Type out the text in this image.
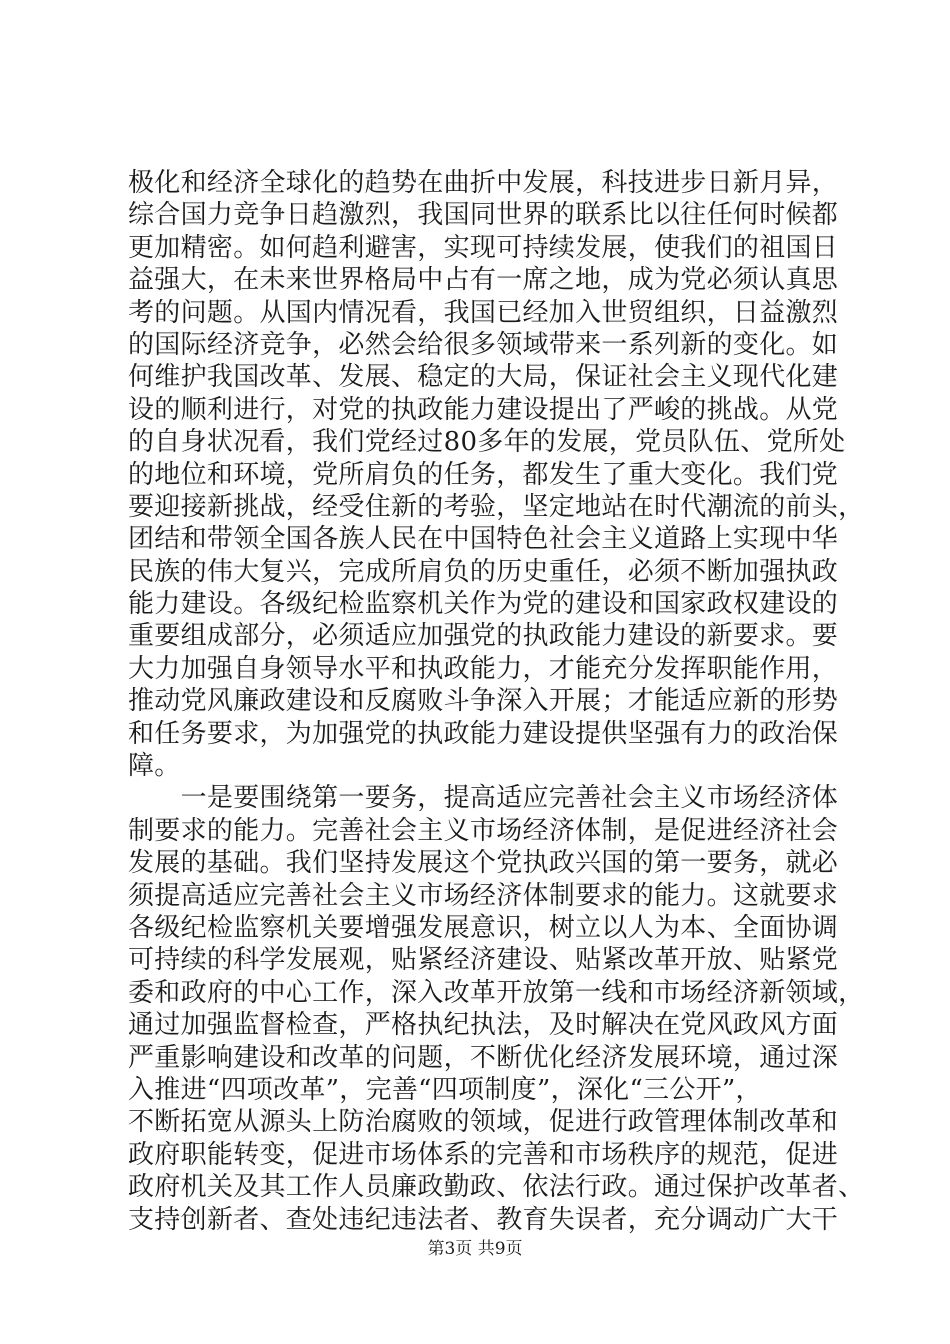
极化和经济全球化的趋势在曲折中发展，科技进步日新月异，
综合国力竞争日趋激烈，我国同世界的联系比以往任何时候都
更加精密。如何趋利避害，实现可持续发展，使我们的祖国日
益强大，在未来世界格局中占有一席之地，成为党必须认真思
考的问题。从国内情况看，我国已经加入世贸组织，日益激烈
的国际经济竞争，必然会给很多领域带来一系列新的变化。如
何维护我国改革、发展、稳定的大局，保证社会主义现代化建
设的顺利进行，对党的执政能力建设提出了严峻的挑战。从党
的自身状况看，我们党经过80多年的发展，党员队伍、党所处
的地位和环境，党所肩负的任务，都发生了重大变化。我们党
要迎接新挑战，经受住新的考验，坚定地站在时代潮流的前头，
团结和带领全国各族人民在中国特色社会主义道路上实现中华
民族的伟大复兴，完成所肩负的历史重任，必须不断加强执政
能力建设。各级纪检监察机关作为党的建设和国家政权建设的
重要组成部分，必须适应加强党的执政能力建设的新要求。要
大力加强自身领导水平和执政能力，才能充分发挥职能作用，
推动党风廉政建设和反腐败斗争深入开展；才能适应新的形势
和任务要求，为加强党的执政能力建设提供坚强有力的政治保
障。
　　一是要围绕第一要务，提高适应完善社会主义市场经济体
制要求的能力。完善社会主义市场经济体制，是促进经济社会
发展的基础。我们坚持发展这个党执政兴国的第一要务，就必
须提高适应完善社会主义市场经济体制要求的能力。这就要求
各级纪检监察机关要增强发展意识，树立以人为本、全面协调
可持续的科学发展观，贴紧经济建设、贴紧改革开放、贴紧党
委和政府的中心工作，深入改革开放第一线和市场经济新领域，
通过加强监督检查，严格执纪执法，及时解决在党风政风方面
严重影响建设和改革的问题，不断优化经济发展环境，通过深
入推进“四项改革”，完善“四项制度”，深化“三公开”，
不断拓宽从源头上防治腐败的领域，促进行政管理体制改革和
政府职能转变，促进市场体系的完善和市场秩序的规范，促进
政府机关及其工作人员廉政勤政、依法行政。通过保护改革者、
支持创新者、查处违纪违法者、教育失误者，充分调动广大干
第3页 共9页
